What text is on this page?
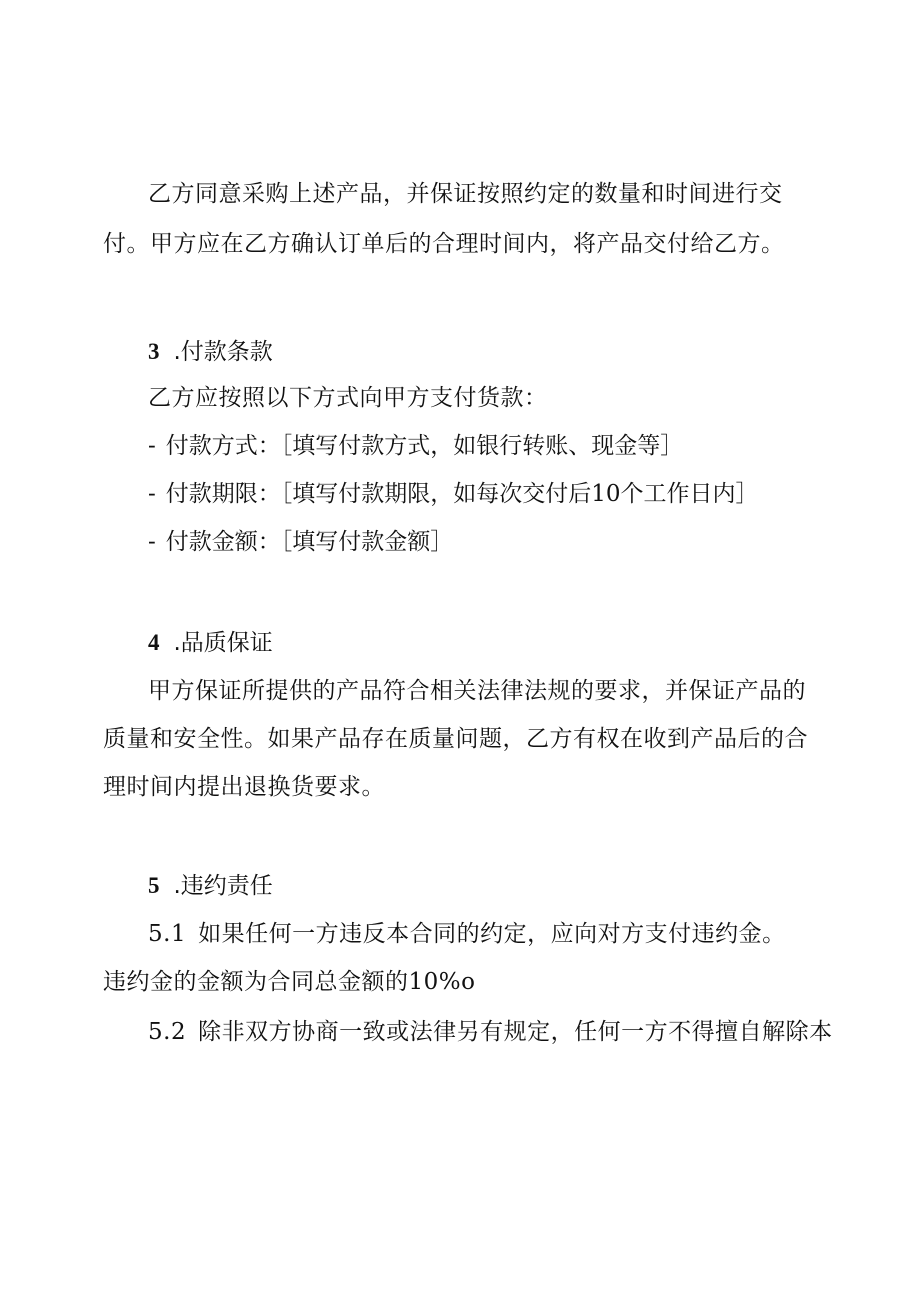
乙方同意采购上述产品，并保证按照约定的数量和时间进行交
付。甲方应在乙方确认订单后的合理时间内，将产品交付给乙方。
3 .付款条款
乙方应按照以下方式向甲方支付货款：
- 付款方式：［填写付款方式，如银行转账、现金等］
- 付款期限：［填写付款期限，如每次交付后10个工作日内］
- 付款金额：［填写付款金额］
4 .品质保证
甲方保证所提供的产品符合相关法律法规的要求，并保证产品的
质量和安全性。如果产品存在质量问题，乙方有权在收到产品后的合
理时间内提出退换货要求。
5 .违约责任
5.1 如果任何一方违反本合同的约定，应向对方支付违约金。
违约金的金额为合同总金额的10%o
5.2 除非双方协商一致或法律另有规定，任何一方不得擅自解除本
